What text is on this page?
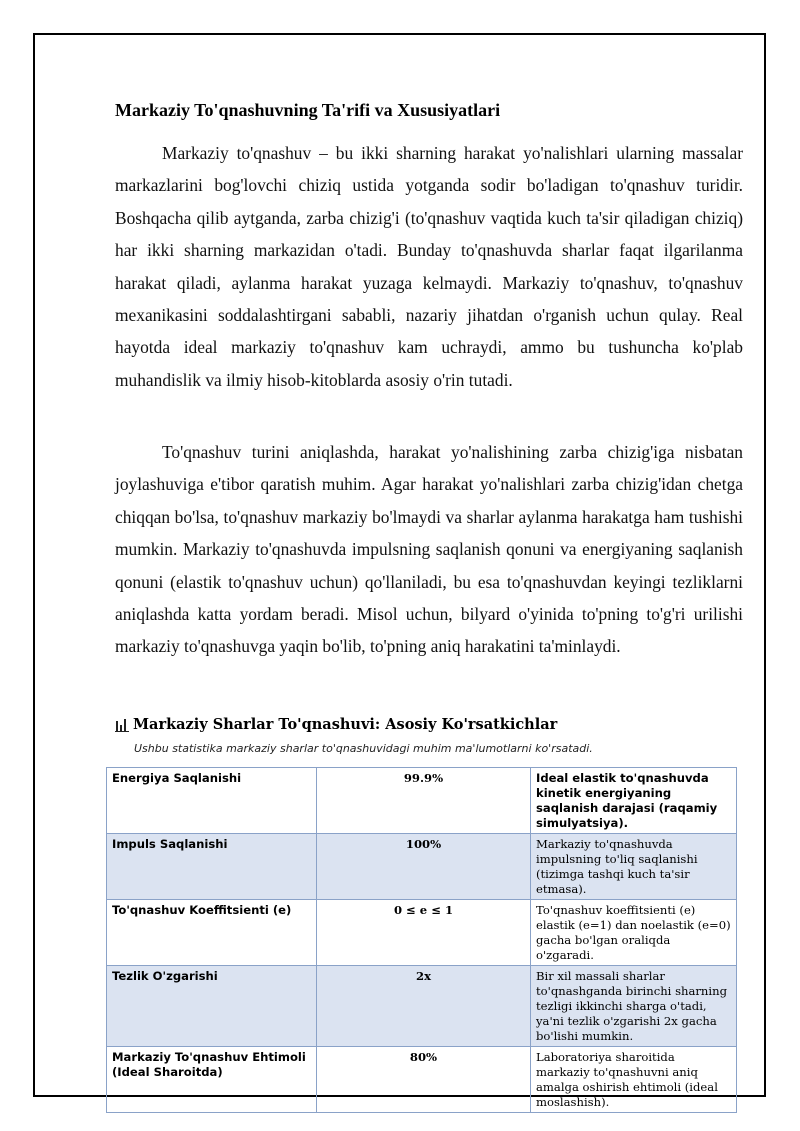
Markaziy To'qnashuvning Ta'rifi va Xususiyatlari

Markaziy to'qnashuv – bu ikki sharning harakat yo'nalishlari ularning massalar markazlarini bog'lovchi chiziq ustida yotganda sodir bo'ladigan to'qnashuv turidir. Boshqacha qilib aytganda, zarba chizig'i (to'qnashuv vaqtida kuch ta'sir qiladigan chiziq) har ikki sharning markazidan o'tadi. Bunday to'qnashuvda sharlar faqat ilgarilanma harakat qiladi, aylanma harakat yuzaga kelmaydi. Markaziy to'qnashuv, to'qnashuv mexanikasini soddalashtirgani sababli, nazariy jihatdan o'rganish uchun qulay. Real hayotda ideal markaziy to'qnashuv kam uchraydi, ammo bu tushuncha ko'plab muhandislik va ilmiy hisob-kitoblarda asosiy o'rin tutadi.

To'qnashuv turini aniqlashda, harakat yo'nalishining zarba chizig'iga nisbatan joylashuviga e'tibor qaratish muhim. Agar harakat yo'nalishlari zarba chizig'idan chetga chiqqan bo'lsa, to'qnashuv markaziy bo'lmaydi va sharlar aylanma harakatga ham tushishi mumkin. Markaziy to'qnashuvda impulsning saqlanish qonuni va energiyaning saqlanish qonuni (elastik to'qnashuv uchun) qo'llaniladi, bu esa to'qnashuvdan keyingi tezliklarni aniqlashda katta yordam beradi. Misol uchun, bilyard o'yinida to'pning to'g'ri urilishi markaziy to'qnashuvga yaqin bo'lib, to'pning aniq harakatini ta'minlaydi.

Markaziy Sharlar To'qnashuvi: Asosiy Ko'rsatkichlar
Ushbu statistika markaziy sharlar to'qnashuvidagi muhim ma'lumotlarni ko'rsatadi.
Energiya Saqlanishi	99.9%	Ideal elastik to'qnashuvda kinetik energiyaning saqlanish darajasi (raqamiy simulyatsiya).
Impuls Saqlanishi	100%	Markaziy to'qnashuvda impulsning to'liq saqlanishi (tizimga tashqi kuch ta'sir etmasa).
To'qnashuv Koeffitsienti (e)	0 ≤ e ≤ 1	To'qnashuv koeffitsienti (e) elastik (e=1) dan noelastik (e=0) gacha bo'lgan oraliqda o'zgaradi.
Tezlik O'zgarishi	2x	Bir xil massali sharlar to'qnashganda birinchi sharning tezligi ikkinchi sharga o'tadi, ya'ni tezlik o'zgarishi 2x gacha bo'lishi mumkin.
Markaziy To'qnashuv Ehtimoli (Ideal Sharoitda)	80%	Laboratoriya sharoitida markaziy to'qnashuvni aniq amalga oshirish ehtimoli (ideal moslashish).
